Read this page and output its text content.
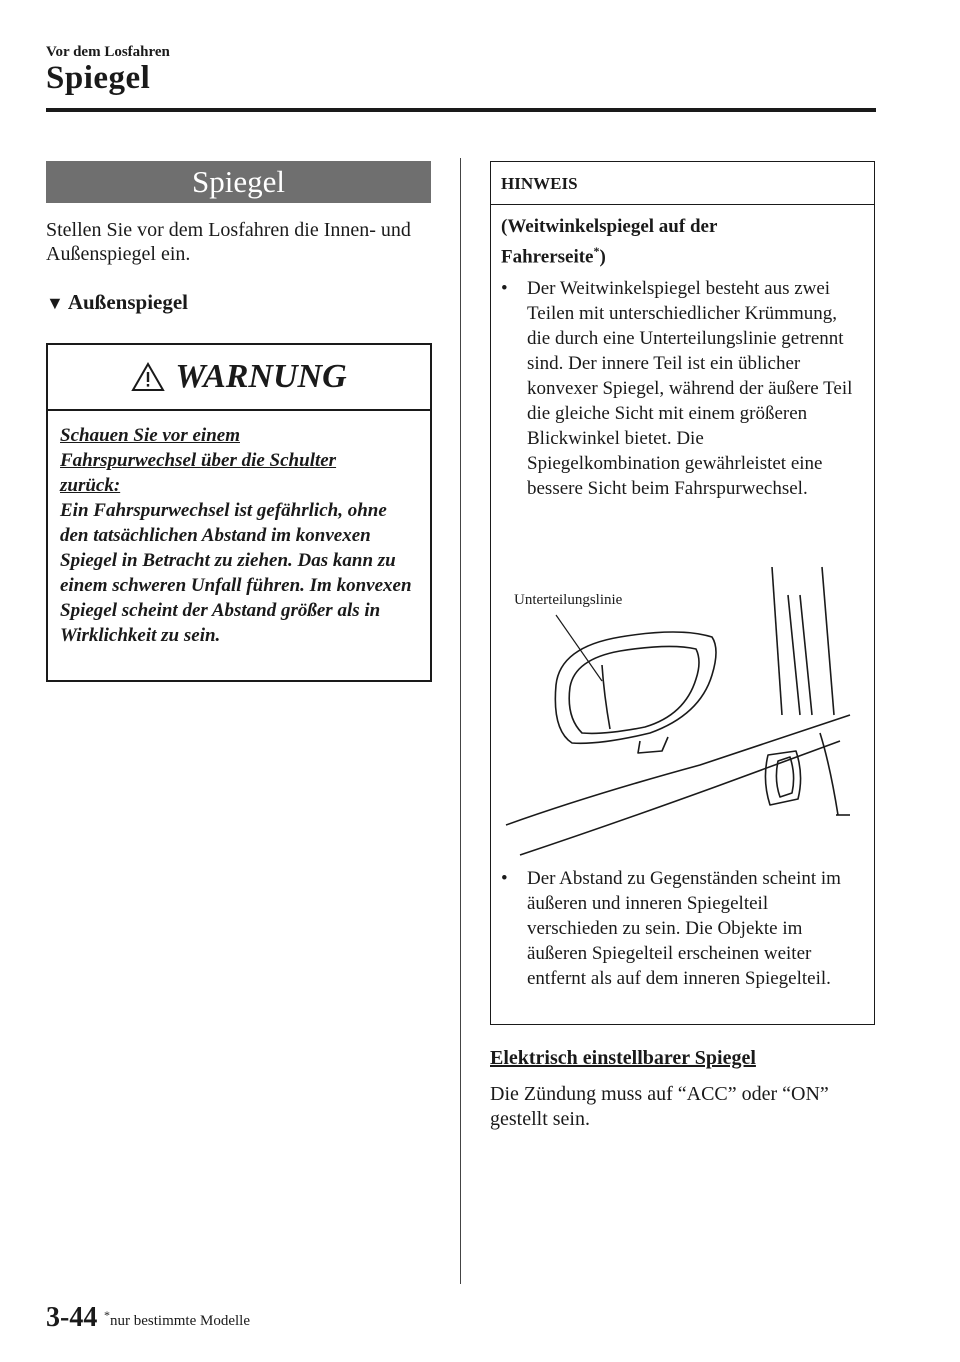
Vor dem Losfahren
Spiegel
Spiegel
Stellen Sie vor dem Losfahren die Innen- und Außenspiegel ein.
▼ Außenspiegel
WARNUNG
Schauen Sie vor einem
Fahrspurwechsel über die Schulter
zurück:
Ein Fahrspurwechsel ist gefährlich, ohne den tatsächlichen Abstand im konvexen Spiegel in Betracht zu ziehen. Das kann zu einem schweren Unfall führen. Im konvexen Spiegel scheint der Abstand größer als in Wirklichkeit zu sein.
HINWEIS
(Weitwinkelspiegel auf der
Fahrerseite*)
•	Der Weitwinkelspiegel besteht aus zwei Teilen mit unterschiedlicher Krümmung, die durch eine Unterteilungslinie getrennt sind. Der innere Teil ist ein üblicher konvexer Spiegel, während der äußere Teil die gleiche Sicht mit einem größeren Blickwinkel bietet. Die Spiegelkombination gewährleistet eine bessere Sicht beim Fahrspurwechsel.
•	Der Abstand zu Gegenständen scheint im äußeren und inneren Spiegelteil verschieden zu sein. Die Objekte im äußeren Spiegelteil erscheinen weiter entfernt als auf dem inneren Spiegelteil.
Unterteilungslinie
Elektrisch einstellbarer Spiegel
Die Zündung muss auf “ACC” oder “ON” gestellt sein.
3-44 *nur bestimmte Modelle
